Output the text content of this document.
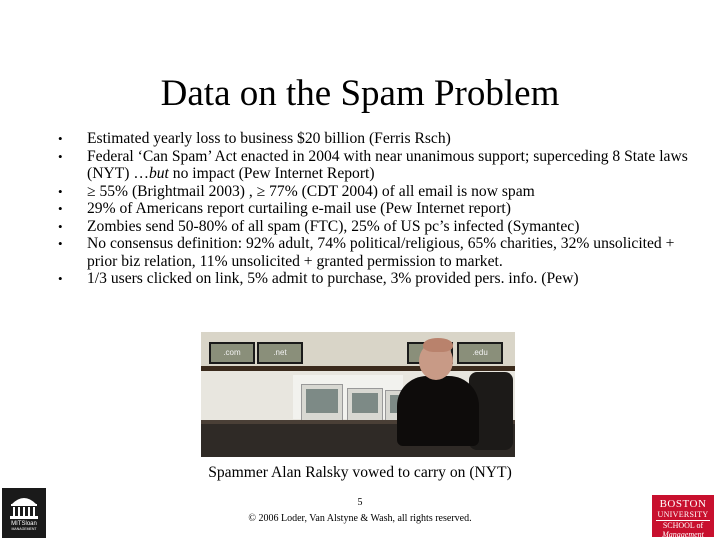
Data on the Spam Problem
• Estimated yearly loss to business $20 billion (Ferris Rsch)
• Federal ‘Can Spam’ Act enacted in 2004 with near unanimous support; superceding 8 State laws (NYT) …but no impact (Pew Internet Report)
• ≥ 55% (Brightmail 2003) , ≥ 77% (CDT 2004) of all email is now spam
• 29% of Americans report curtailing e-mail use (Pew Internet report)
• Zombies send 50-80% of all spam (FTC), 25% of US pc’s infected (Symantec)
• No consensus definition: 92% adult, 74% political/religious, 65% charities, 32% unsolicited + prior biz relation, 11% unsolicited + granted permission to market.
• 1/3 users clicked on link, 5% admit to purchase, 3% provided pers. info. (Pew)
.com	.net	.edu
Spammer Alan Ralsky vowed to carry on (NYT)
5
© 2006 Loder, Van Alstyne & Wash, all rights reserved.
MITSloan
MANAGEMENT
BOSTON
UNIVERSITY
SCHOOL of
Management
